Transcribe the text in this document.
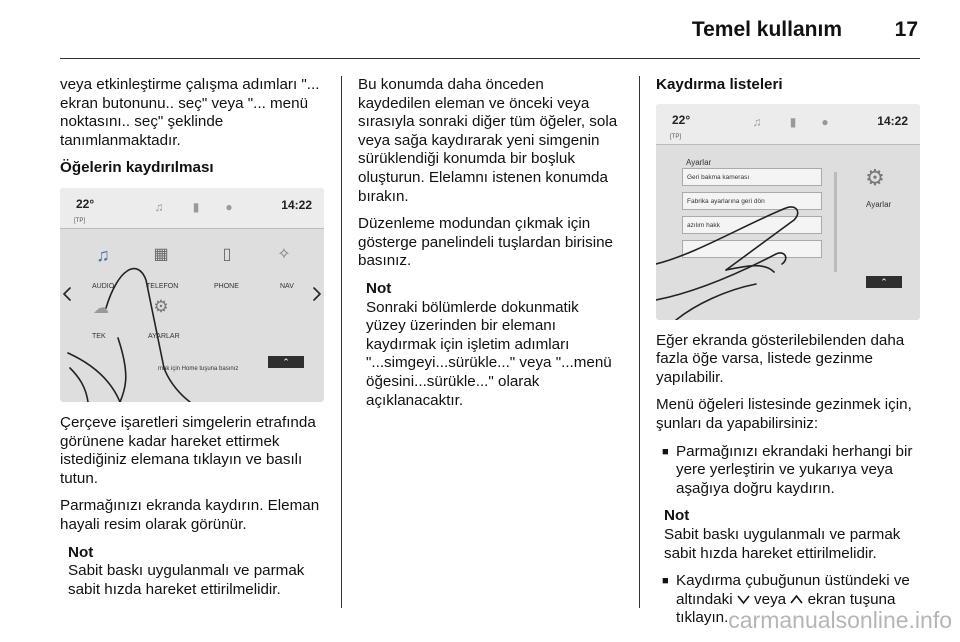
Temel kullanım	17

veya etkinleştirme çalışma adımları "... ekran butonunu.. seç" veya "... menü noktasını.. seç" şeklinde tanımlanmaktadır.

Öğelerin kaydırılması
22°
[TP]
♫	▮	●	14:22
♫
AUDIO
▦
TELEFON
▯
PHONE
✧
NAV
☁
TEK
⚙
AYARLAR
mak için Home tuşuna basınız
⌃

Çerçeve işaretleri simgelerin etrafında görünene kadar hareket ettirmek istediğiniz elemana tıklayın ve basılı tutun.

Parmağınızı ekranda kaydırın. Eleman hayali resim olarak görünür.

Not
Sabit baskı uygulanmalı ve parmak sabit hızda hareket ettirilmelidir.

Bu konumda daha önceden kaydedilen eleman ve önceki veya sırasıyla sonraki diğer tüm öğeler, sola veya sağa kaydırarak yeni simgenin sürüklendiği konumda bir boşluk oluşturun. Elelamnı istenen konumda bırakın.

Düzenleme modundan çıkmak için gösterge panelindeli tuşlardan birisine basınız.

Not
Sonraki bölümlerde dokunmatik yüzey üzerinden bir elemanı kaydırmak için işletim adımları "...simgeyi...sürükle..." veya "...menü öğesini...sürükle..." olarak açıklanacaktır.
Kaydırma listeleri
22°
[TP]
♫	▮	●	14:22
Ayarlar
Geri bakma kamerası
Fabrika ayarlarına geri dön
azılım hakk
⚙
Ayarlar
⌃

Eğer ekranda gösterilebilenden daha fazla öğe varsa, listede gezinme yapılabilir.

Menü öğeleri listesinde gezinmek için, şunları da yapabilirsiniz:

■ Parmağınızı ekrandaki herhangi bir yere yerleştirin ve yukarıya veya aşağıya doğru kaydırın.
Not
Sabit baskı uygulanmalı ve parmak sabit hızda hareket ettirilmelidir.
■ Kaydırma çubuğunun üstündeki ve altındaki veya ekran tuşuna tıklayın. carmanualsonline.info
